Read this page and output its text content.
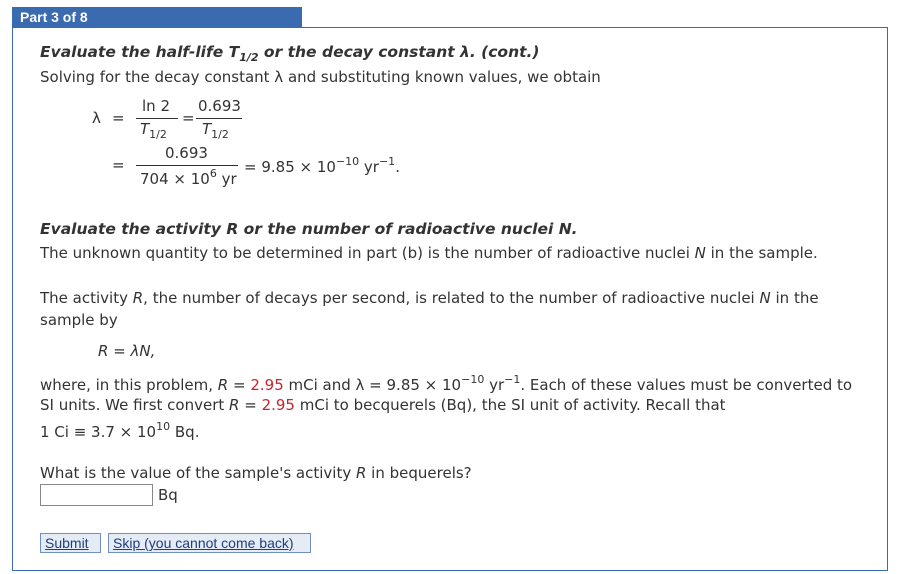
Part 3 of 8
Evaluate the half-life $T_{1/2}$ or the decay constant λ. (cont.)
Solving for the decay constant λ and substituting known values, we obtain
λ =
ln 2
$T_{1/2}$
=
0.693
$T_{1/2}$
=
0.693
$704 \times 10^6$ yr
= $9.85 \times 10^{-10}$ $yr^{-1}$.
Evaluate the activity R or the number of radioactive nuclei N.
The unknown quantity to be determined in part (b) is the number of radioactive nuclei N in the sample.
The activity R, the number of decays per second, is related to the number of radioactive nuclei N in the
sample by
R = λN,
where, in this problem, R = 2.95 mCi and $\lambda = 9.85 \times 10^{-10}$ $yr^{-1}$. Each of these values must be converted to
SI units. We first convert R = 2.95 mCi to becquerels (Bq), the SI unit of activity. Recall that
1 $Ci \equiv 3.7 \times 10^{10}$ Bq.
What is the value of the sample's activity R in bequerels?
Bq
Submit	Skip (you cannot come back)
